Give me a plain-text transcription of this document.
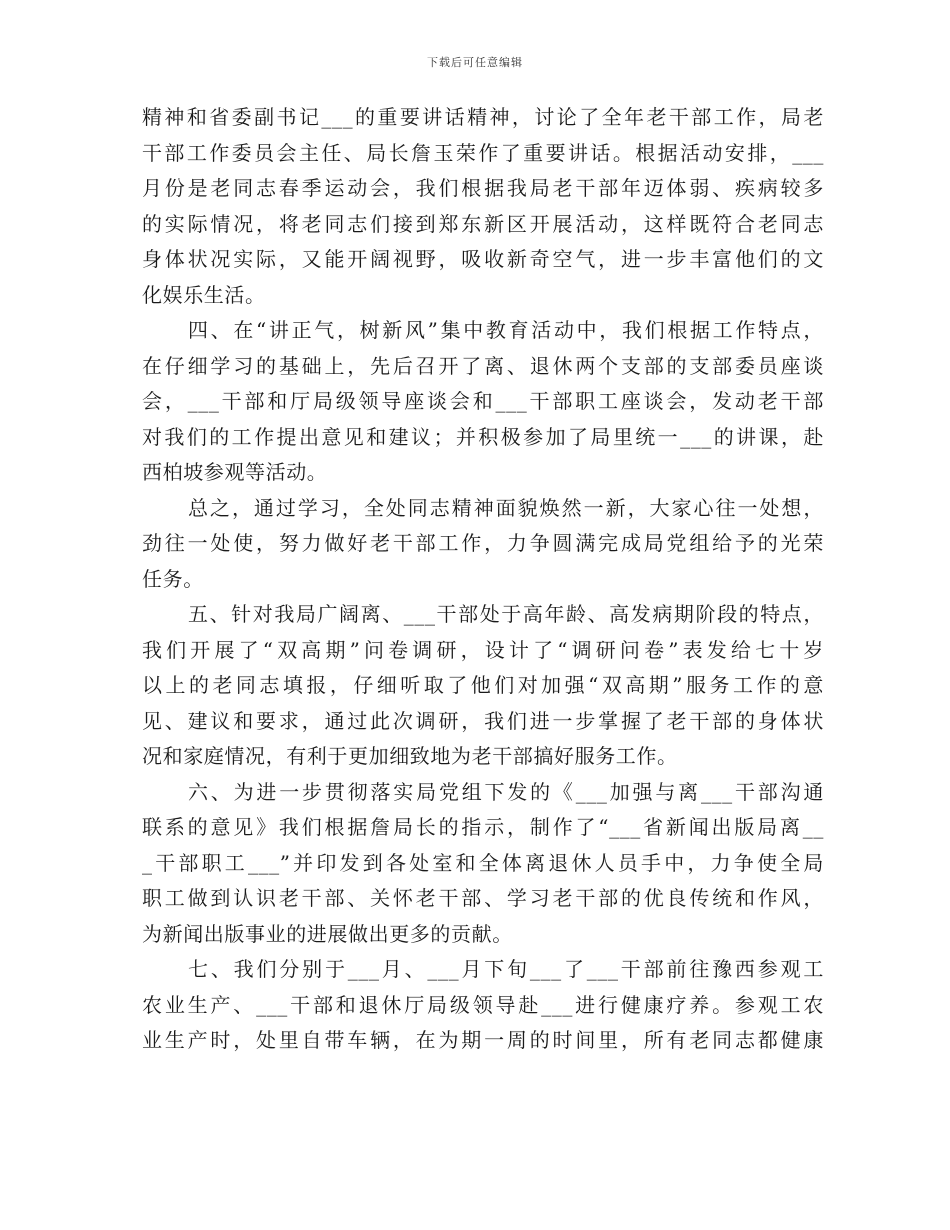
下载后可任意编辑
精神和省委副书记___的重要讲话精神，讨论了全年老干部工作，局老
干部工作委员会主任、局长詹玉荣作了重要讲话。根据活动安排，___
月份是老同志春季运动会，我们根据我局老干部年迈体弱、疾病较多
的实际情况，将老同志们接到郑东新区开展活动，这样既符合老同志
身体状况实际，又能开阔视野，吸收新奇空气，进一步丰富他们的文
化娱乐生活。
四、在“讲正气，树新风”集中教育活动中，我们根据工作特点，
在仔细学习的基础上，先后召开了离、退休两个支部的支部委员座谈
会，___干部和厅局级领导座谈会和___干部职工座谈会，发动老干部
对我们的工作提出意见和建议；并积极参加了局里统一___的讲课，赴
西柏坡参观等活动。
总之，通过学习，全处同志精神面貌焕然一新，大家心往一处想，
劲往一处使，努力做好老干部工作，力争圆满完成局党组给予的光荣
任务。
五、针对我局广阔离、___干部处于高年龄、高发病期阶段的特点，
我们开展了“双高期”问卷调研，设计了“调研问卷”表发给七十岁
以上的老同志填报，仔细听取了他们对加强“双高期”服务工作的意
见、建议和要求，通过此次调研，我们进一步掌握了老干部的身体状
况和家庭情况，有利于更加细致地为老干部搞好服务工作。
六、为进一步贯彻落实局党组下发的《___加强与离___干部沟通
联系的意见》我们根据詹局长的指示，制作了“___省新闻出版局离__
_干部职工___”并印发到各处室和全体离退休人员手中，力争使全局
职工做到认识老干部、关怀老干部、学习老干部的优良传统和作风，
为新闻出版事业的进展做出更多的贡献。
七、我们分别于___月、___月下旬___了___干部前往豫西参观工
农业生产、___干部和退休厅局级领导赴___进行健康疗养。参观工农
业生产时，处里自带车辆，在为期一周的时间里，所有老同志都健康
